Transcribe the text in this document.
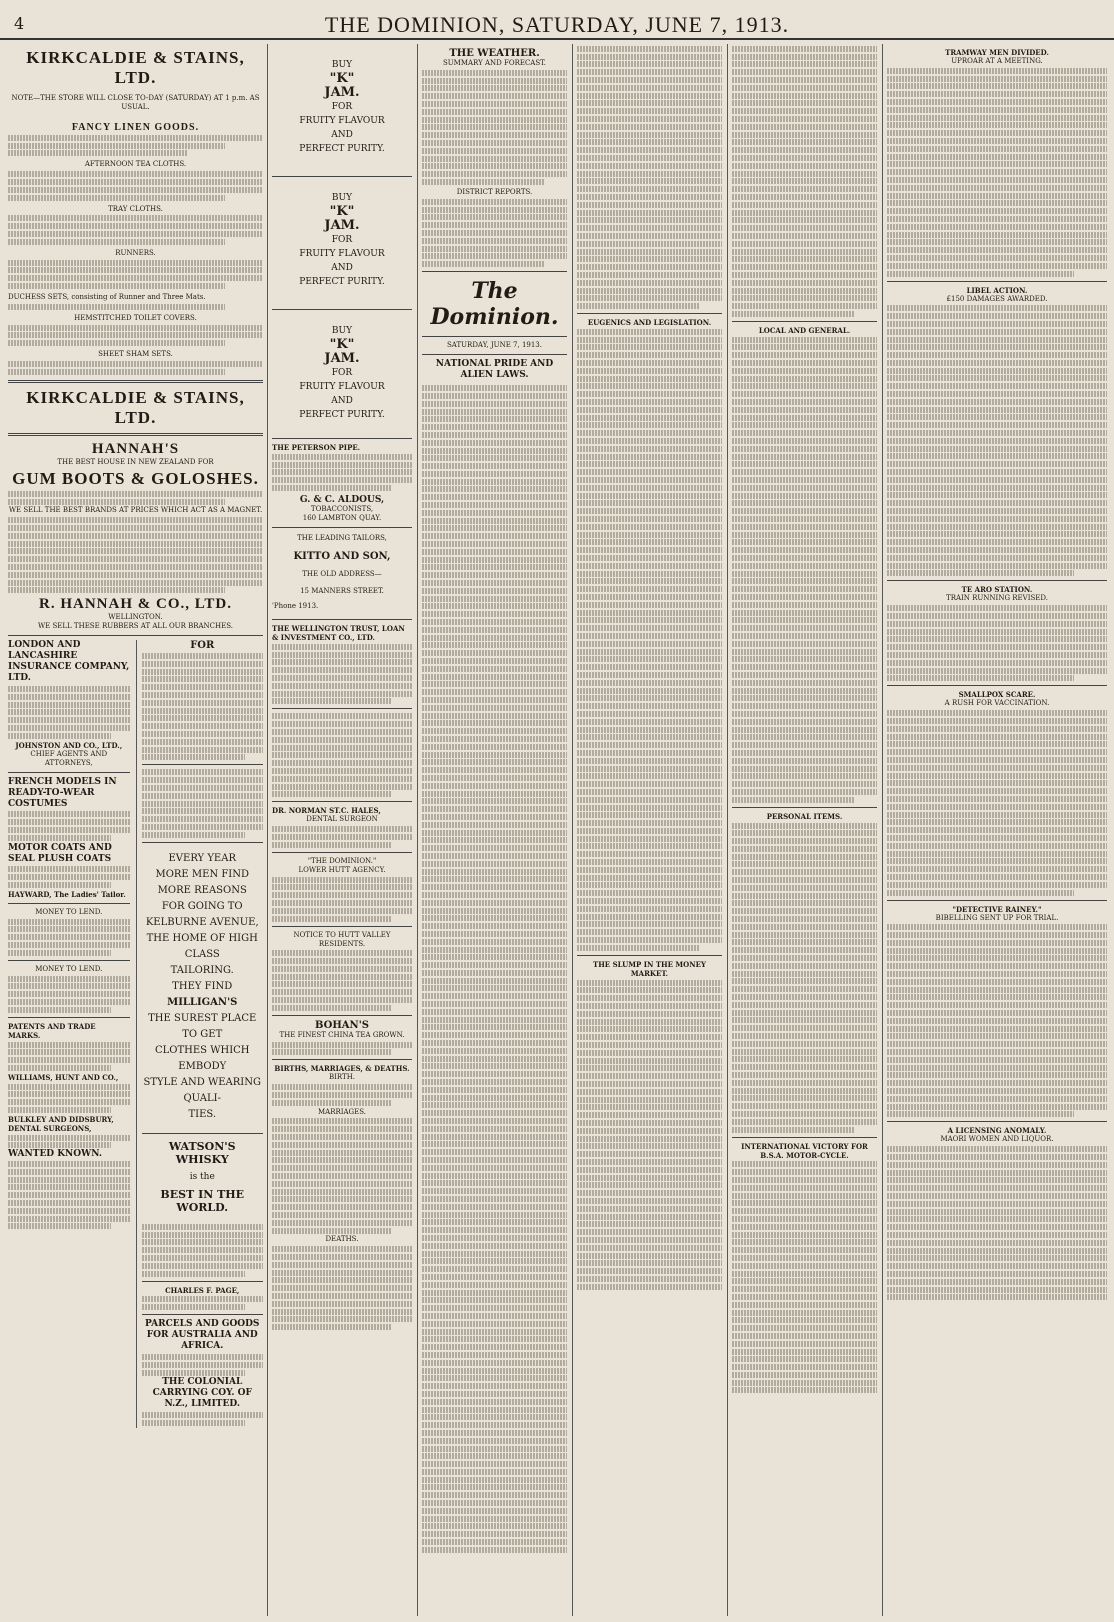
4	THE DOMINION, SATURDAY, JUNE 7, 1913.
KIRKCALDIE & STAINS, LTD.
NOTE—THE STORE WILL CLOSE TO-DAY (SATURDAY) AT 1 p.m. AS USUAL.
FANCY LINEN GOODS.
AFTERNOON TEA CLOTHS.
TRAY CLOTHS.
RUNNERS.
DUCHESS SETS, consisting of Runner and Three Mats.
HEMSTITCHED TOILET COVERS.
SHEET SHAM SETS.
KIRKCALDIE & STAINS, LTD.
HANNAH'S
THE BEST HOUSE IN NEW ZEALAND FOR
GUM BOOTS & GOLOSHES.
WE SELL THE BEST BRANDS AT PRICES WHICH ACT AS A MAGNET.
R. HANNAH & CO., LTD.
WELLINGTON.
WE SELL THESE RUBBERS AT ALL OUR BRANCHES.
LONDON AND LANCASHIRE INSURANCE COMPANY, LTD.
JOHNSTON AND CO., LTD.,
CHIEF AGENTS AND ATTORNEYS,
FRENCH MODELS IN READY-TO-WEAR COSTUMES
MOTOR COATS AND SEAL PLUSH COATS
HAYWARD, The Ladies' Tailor.
MONEY TO LEND.
MONEY TO LEND.
PATENTS AND TRADE MARKS.
WILLIAMS, HUNT AND CO.,
BULKLEY AND DIDSBURY, DENTAL SURGEONS,
WANTED KNOWN.
FOR
EVERY YEAR
MORE MEN FIND MORE REASONS
FOR GOING TO
KELBURNE AVENUE,
THE HOME OF HIGH CLASS
TAILORING.
THEY FIND
MILLIGAN'S
THE SUREST PLACE TO GET
CLOTHES WHICH EMBODY
STYLE AND WEARING QUALI-
TIES.
WATSON'S WHISKY
is the
BEST IN THE WORLD.
CHARLES F. PAGE,
PARCELS AND GOODS FOR AUSTRALIA AND AFRICA.
THE COLONIAL CARRYING COY. OF N.Z., LIMITED.
BUY
"K"
JAM.
FOR
FRUITY FLAVOUR
AND
PERFECT PURITY.
BUY
"K"
JAM.
FOR
FRUITY FLAVOUR
AND
PERFECT PURITY.
BUY
"K"
JAM.
FOR
FRUITY FLAVOUR
AND
PERFECT PURITY.
THE PETERSON PIPE.
G. & C. ALDOUS,
TOBACCONISTS,
160 LAMBTON QUAY.
THE LEADING TAILORS,
KITTO AND SON,
THE OLD ADDRESS—
15 MANNERS STREET.
'Phone 1913.
THE WELLINGTON TRUST, LOAN & INVESTMENT CO., LTD.
DR. NORMAN ST.C. HALES,
DENTAL SURGEON
"THE DOMINION."
LOWER HUTT AGENCY.
NOTICE TO HUTT VALLEY RESIDENTS.
BOHAN'S
THE FINEST CHINA TEA GROWN.
BIRTHS, MARRIAGES, & DEATHS.
BIRTH.
MARRIAGES.
DEATHS.
THE WEATHER.
SUMMARY AND FORECAST.
DISTRICT REPORTS.
The Dominion.
SATURDAY, JUNE 7, 1913.
NATIONAL PRIDE AND ALIEN LAWS.
EUGENICS AND LEGISLATION.
THE SLUMP IN THE MONEY MARKET.
LOCAL AND GENERAL.
PERSONAL ITEMS.
INTERNATIONAL VICTORY FOR B.S.A. MOTOR-CYCLE.
TRAMWAY MEN DIVIDED.
UPROAR AT A MEETING.
LIBEL ACTION.
£150 DAMAGES AWARDED.
TE ARO STATION.
TRAIN RUNNING REVISED.
SMALLPOX SCARE.
A RUSH FOR VACCINATION.
"DETECTIVE RAINEY."
BIBELLING SENT UP FOR TRIAL.
A LICENSING ANOMALY.
MAORI WOMEN AND LIQUOR.
